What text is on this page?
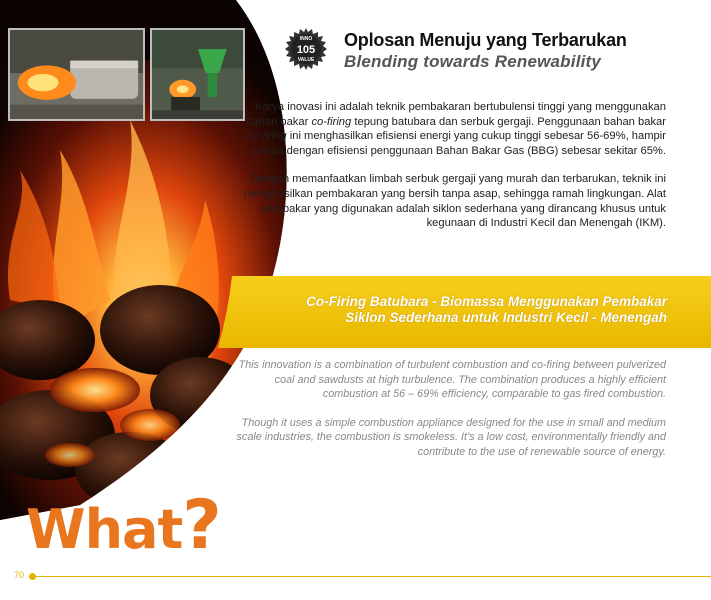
INNO
105
VALUE
Oplosan Menuju yang Terbarukan
Blending towards Renewability

Karya inovasi ini adalah teknik pembakaran bertubulensi tinggi yang menggunakan bahan bakar co-firing tepung batubara dan serbuk gergaji. Penggunaan bahan bakar co-firing ini menghasilkan efisiensi energi yang cukup tinggi sebesar 56-69%, hampir setara dengan efisiensi penggunaan Bahan Bakar Gas (BBG) sebesar sekitar 65%.

Dengan memanfaatkan limbah serbuk gergaji yang murah dan terbarukan, teknik ini menghasilkan pembakaran yang bersih tanpa asap, sehingga ramah lingkungan. Alat pembakar yang digunakan adalah siklon sederhana yang dirancang khusus untuk kegunaan di Industri Kecil dan Menengah (IKM).

Co-Firing Batubara - Biomassa Menggunakan Pembakar
Siklon Sederhana untuk Industri Kecil - Menengah

This innovation is a combination of turbulent combustion and co-firing between pulverized coal and sawdusts at high turbulence. The combination produces a highly efficient combustion at 56 – 69% efficiency, comparable to gas fired combustion.

Though it uses a simple combustion appliance designed for the use in small and medium scale industries, the combustion is smokeless. It’s a low cost, environmentally friendly and contribute to the use of renewable source of energy.

What?
70
